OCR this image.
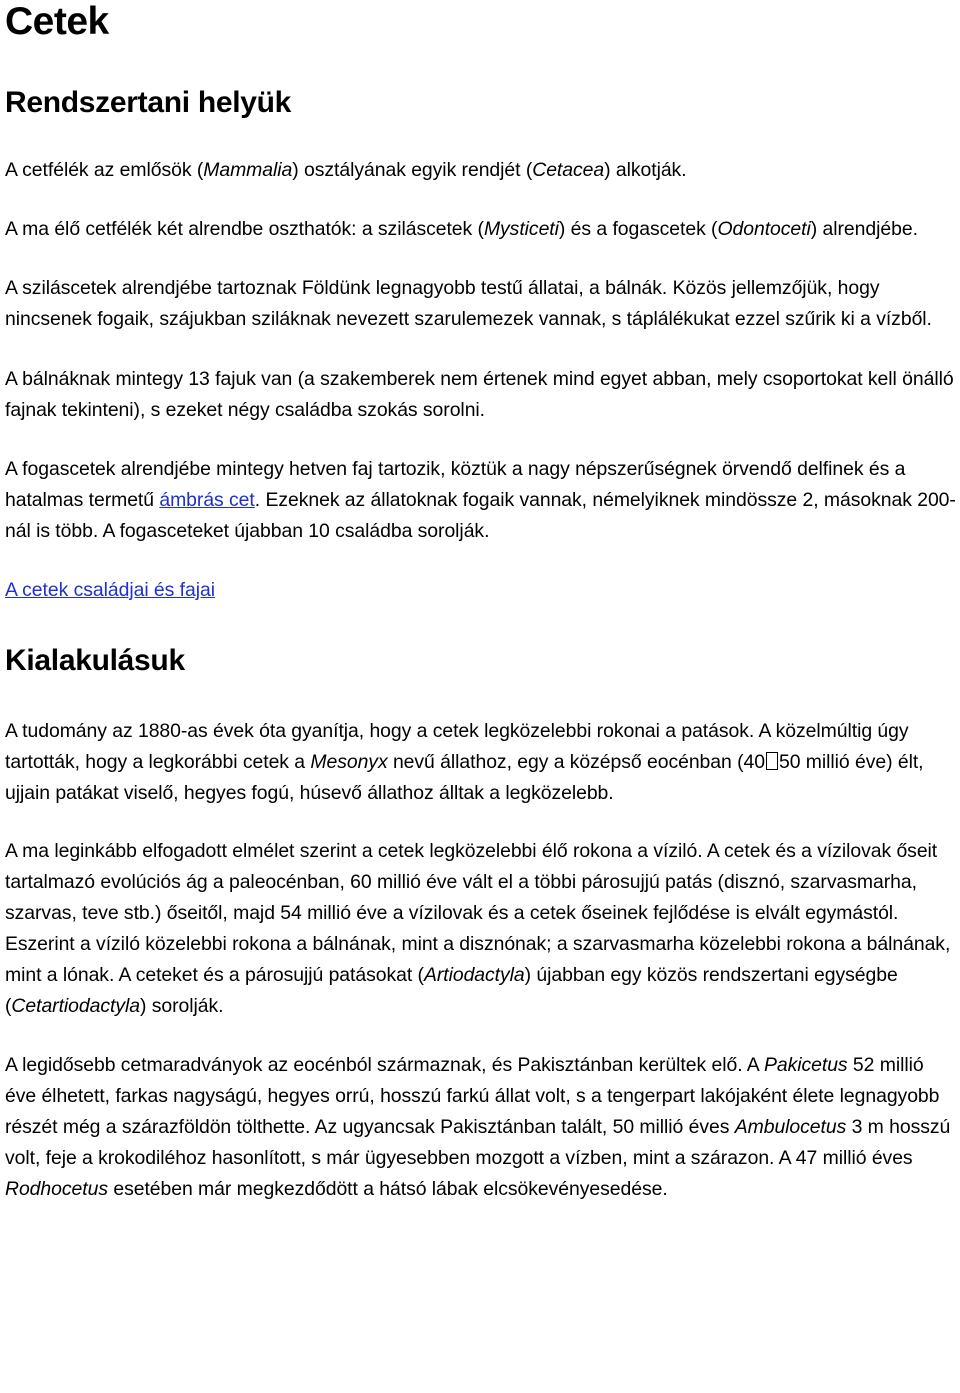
Cetek
Rendszertani helyük

A cetfélék az emlősök (Mammalia) osztályának egyik rendjét (Cetacea) alkotják.

A ma élő cetfélék két alrendbe oszthatók: a sziláscetek (Mysticeti) és a fogascetek (Odontoceti) alrendjébe.

A sziláscetek alrendjébe tartoznak Földünk legnagyobb testű állatai, a bálnák. Közös jellemzőjük, hogy nincsenek fogaik, szájukban sziláknak nevezett szarulemezek vannak, s táplálékukat ezzel szűrik ki a vízből.

A bálnáknak mintegy 13 fajuk van (a szakemberek nem értenek mind egyet abban, mely csoportokat kell önálló fajnak tekinteni), s ezeket négy családba szokás sorolni.

A fogascetek alrendjébe mintegy hetven faj tartozik, köztük a nagy népszerűségnek örvendő delfinek és a hatalmas termetű ámbrás cet. Ezeknek az állatoknak fogaik vannak, némelyiknek mindössze 2, másoknak 200-nál is több. A fogasceteket újabban 10 családba sorolják.

A cetek családjai és fajai

Kialakulásuk

A tudomány az 1880-as évek óta gyanítja, hogy a cetek legközelebbi rokonai a patások. A közelmúltig úgy tartották, hogy a legkorábbi cetek a Mesonyx nevű állathoz, egy a középső eocénban (40 50 millió éve) élt, ujjain patákat viselő, hegyes fogú, húsevő állathoz álltak a legközelebb.

A ma leginkább elfogadott elmélet szerint a cetek legközelebbi élő rokona a víziló. A cetek és a vízilovak őseit tartalmazó evolúciós ág a paleocénban, 60 millió éve vált el a többi párosujjú patás (disznó, szarvasmarha, szarvas, teve stb.) őseitől, majd 54 millió éve a vízilovak és a cetek őseinek fejlődése is elvált egymástól. Eszerint a víziló közelebbi rokona a bálnának, mint a disznónak; a szarvasmarha közelebbi rokona a bálnának, mint a lónak. A ceteket és a párosujjú patásokat (Artiodactyla) újabban egy közös rendszertani egységbe (Cetartiodactyla) sorolják.

A legidősebb cetmaradványok az eocénból származnak, és Pakisztánban kerültek elő. A Pakicetus 52 millió éve élhetett, farkas nagyságú, hegyes orrú, hosszú farkú állat volt, s a tengerpart lakójaként élete legnagyobb részét még a szárazföldön tölthette. Az ugyancsak Pakisztánban talált, 50 millió éves Ambulocetus 3 m hosszú volt, feje a krokodiléhoz hasonlított, s már ügyesebben mozgott a vízben, mint a szárazon. A 47 millió éves Rodhocetus esetében már megkezdődött a hátsó lábak elcsökevényesedése.
